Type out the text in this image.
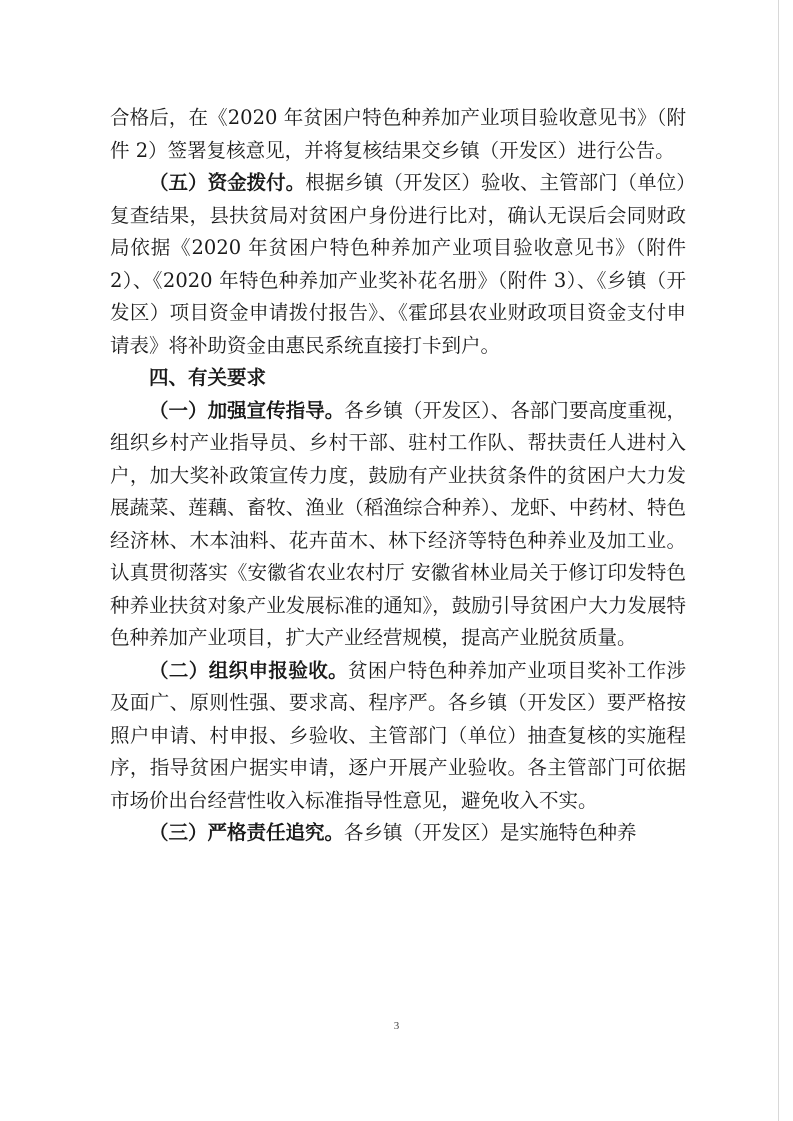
合格后，在《2020 年贫困户特色种养加产业项目验收意见书》（附件 2）签署复核意见，并将复核结果交乡镇（开发区）进行公告。

（五）资金拨付。根据乡镇（开发区）验收、主管部门（单位）复查结果，县扶贫局对贫困户身份进行比对，确认无误后会同财政局依据《2020 年贫困户特色种养加产业项目验收意见书》（附件 2）、《2020 年特色种养加产业奖补花名册》（附件 3）、《乡镇（开发区）项目资金申请拨付报告》、《霍邱县农业财政项目资金支付申请表》将补助资金由惠民系统直接打卡到户。

四、有关要求

（一）加强宣传指导。各乡镇（开发区）、各部门要高度重视，组织乡村产业指导员、乡村干部、驻村工作队、帮扶责任人进村入户，加大奖补政策宣传力度，鼓励有产业扶贫条件的贫困户大力发展蔬菜、莲藕、畜牧、渔业（稻渔综合种养）、龙虾、中药材、特色经济林、木本油料、花卉苗木、林下经济等特色种养业及加工业。认真贯彻落实《安徽省农业农村厅 安徽省林业局关于修订印发特色种养业扶贫对象产业发展标准的通知》，鼓励引导贫困户大力发展特色种养加产业项目，扩大产业经营规模，提高产业脱贫质量。

（二）组织申报验收。贫困户特色种养加产业项目奖补工作涉及面广、原则性强、要求高、程序严。各乡镇（开发区）要严格按照户申请、村申报、乡验收、主管部门（单位）抽查复核的实施程序，指导贫困户据实申请，逐户开展产业验收。各主管部门可依据市场价出台经营性收入标准指导性意见，避免收入不实。

（三）严格责任追究。各乡镇（开发区）是实施特色种养

3
